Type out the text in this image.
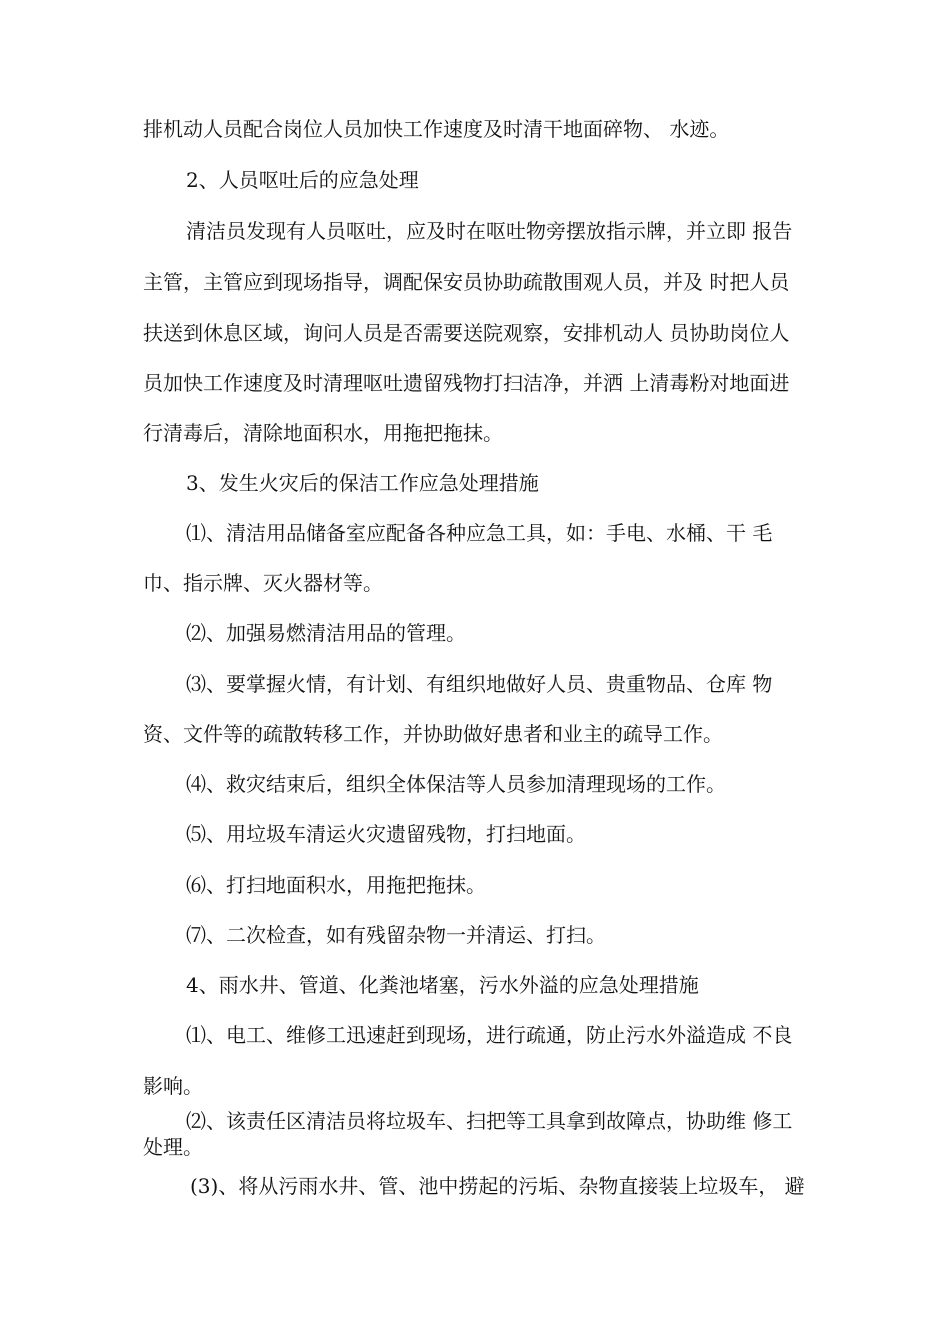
排机动人员配合岗位人员加快工作速度及时清干地面碎物、 水迹。
2、人员呕吐后的应急处理
清洁员发现有人员呕吐，应及时在呕吐物旁摆放指示牌，并立即 报告
主管，主管应到现场指导，调配保安员协助疏散围观人员，并及 时把人员
扶送到休息区域，询问人员是否需要送院观察，安排机动人 员协助岗位人
员加快工作速度及时清理呕吐遗留残物打扫洁净，并洒 上清毒粉对地面进
行清毒后，清除地面积水，用拖把拖抹。
3、发生火灾后的保洁工作应急处理措施
⑴、清洁用品储备室应配备各种应急工具，如：手电、水桶、干 毛
巾、指示牌、灭火器材等。
⑵、加强易燃清洁用品的管理。
⑶、要掌握火情，有计划、有组织地做好人员、贵重物品、仓库 物
资、文件等的疏散转移工作，并协助做好患者和业主的疏导工作。
⑷、救灾结束后，组织全体保洁等人员参加清理现场的工作。
⑸、用垃圾车清运火灾遗留残物，打扫地面。
⑹、打扫地面积水，用拖把拖抹。
⑺、二次检查，如有残留杂物一并清运、打扫。
4、雨水井、管道、化粪池堵塞，污水外溢的应急处理措施
⑴、电工、维修工迅速赶到现场，进行疏通，防止污水外溢造成 不良
影响。
⑵、该责任区清洁员将垃圾车、扫把等工具拿到故障点，协助维 修工
处理。
(3)、将从污雨水井、管、池中捞起的污垢、杂物直接装上垃圾车， 避
